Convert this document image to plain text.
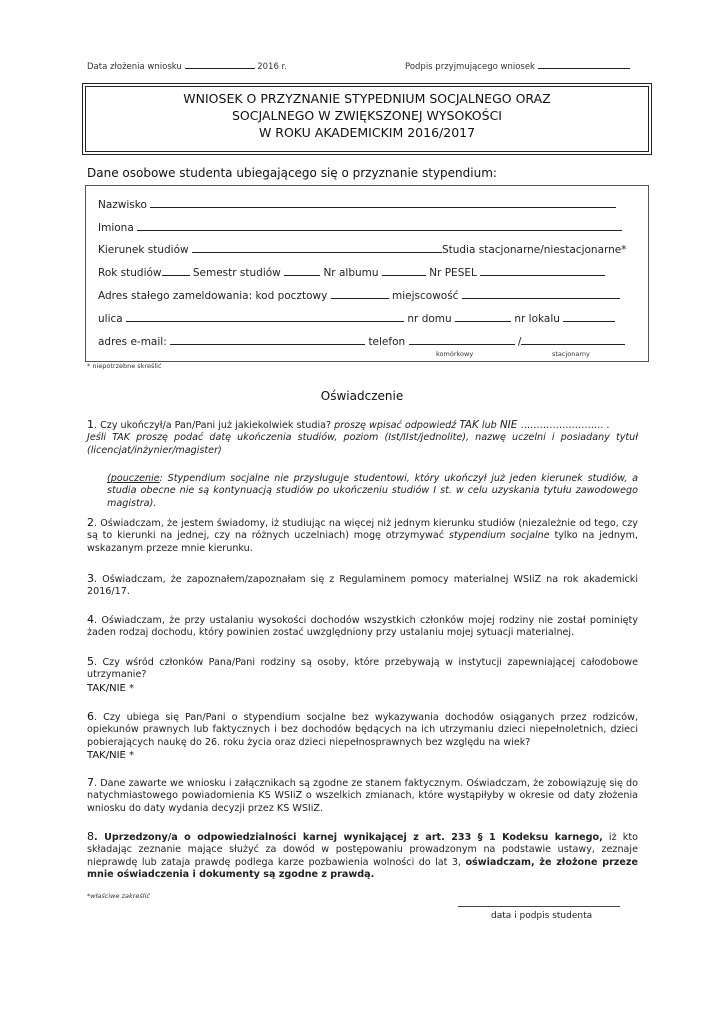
Data złożenia wniosku	2016 r.	Podpis przyjmującego wniosek
WNIOSEK O PRZYZNANIE STYPEDNIUM SOCJALNEGO ORAZ
SOCJALNEGO W ZWIĘKSZONEJ WYSOKOŚCI
W ROKU AKADEMICKIM 2016/2017
Dane osobowe studenta ubiegającego się o przyznanie stypendium:
Nazwisko
Imiona
Kierunek studiów	Studia stacjonarne/niestacjonarne*
Rok studiów	Semestr studiów	Nr albumu	Nr PESEL
Adres stałego zameldowania: kod pocztowy	miejscowość
ulica	nr domu	nr lokalu
adres e-mail:	telefon	/
komórkowy	stacjonarny
* niepotrzebne skreślić
Oświadczenie
1. Czy ukończył/a Pan/Pani już jakiekolwiek studia? proszę wpisać odpowiedź TAK lub NIE …………………….. .
Jeśli TAK proszę podać datę ukończenia studiów, poziom (Ist/IIst/jednolite), nazwę uczelni i posiadany tytuł (licencjat/inżynier/magister)
(pouczenie: Stypendium socjalne nie przysługuje studentowi, który ukończył już jeden kierunek studiów, a studia obecne nie są kontynuacją studiów po ukończeniu studiów I st. w celu uzyskania tytułu zawodowego magistra).
2. Oświadczam, że jestem świadomy, iż studiując na więcej niż jednym kierunku studiów (niezależnie od tego, czy są to kierunki na jednej, czy na różnych uczelniach) mogę otrzymywać stypendium socjalne tylko na jednym, wskazanym przeze mnie kierunku.
3. Oświadczam, że zapoznałem/zapoznałam się z Regulaminem pomocy materialnej WSIiZ na rok akademicki 2016/17.
4. Oświadczam, że przy ustalaniu wysokości dochodów wszystkich członków mojej rodziny nie został pominięty żaden rodzaj dochodu, który powinien zostać uwzględniony przy ustalaniu mojej sytuacji materialnej.
5. Czy wśród członków Pana/Pani rodziny są osoby, które przebywają w instytucji zapewniającej całodobowe utrzymanie?
TAK/NIE *
6. Czy ubiega się Pan/Pani o stypendium socjalne bez wykazywania dochodów osiąganych przez rodziców, opiekunów prawnych lub faktycznych i bez dochodów będących na ich utrzymaniu dzieci niepełnoletnich, dzieci pobierających naukę do 26. roku życia oraz dzieci niepełnosprawnych bez względu na wiek?
TAK/NIE *
7. Dane zawarte we wniosku i załącznikach są zgodne ze stanem faktycznym. Oświadczam, że zobowiązuję się do natychmiastowego powiadomienia KS WSIiZ o wszelkich zmianach, które wystąpiłyby w okresie od daty złożenia wniosku do daty wydania decyzji przez KS WSIiZ.
8. Uprzedzony/a o odpowiedzialności karnej wynikającej z art. 233 § 1 Kodeksu karnego, iż kto składając zeznanie mające służyć za dowód w postępowaniu prowadzonym na podstawie ustawy, zeznaje nieprawdę lub zataja prawdę podlega karze pozbawienia wolności do lat 3, oświadczam, że złożone przeze mnie oświadczenia i dokumenty są zgodne z prawdą.
*właściwe zakreślić
data i podpis studenta
